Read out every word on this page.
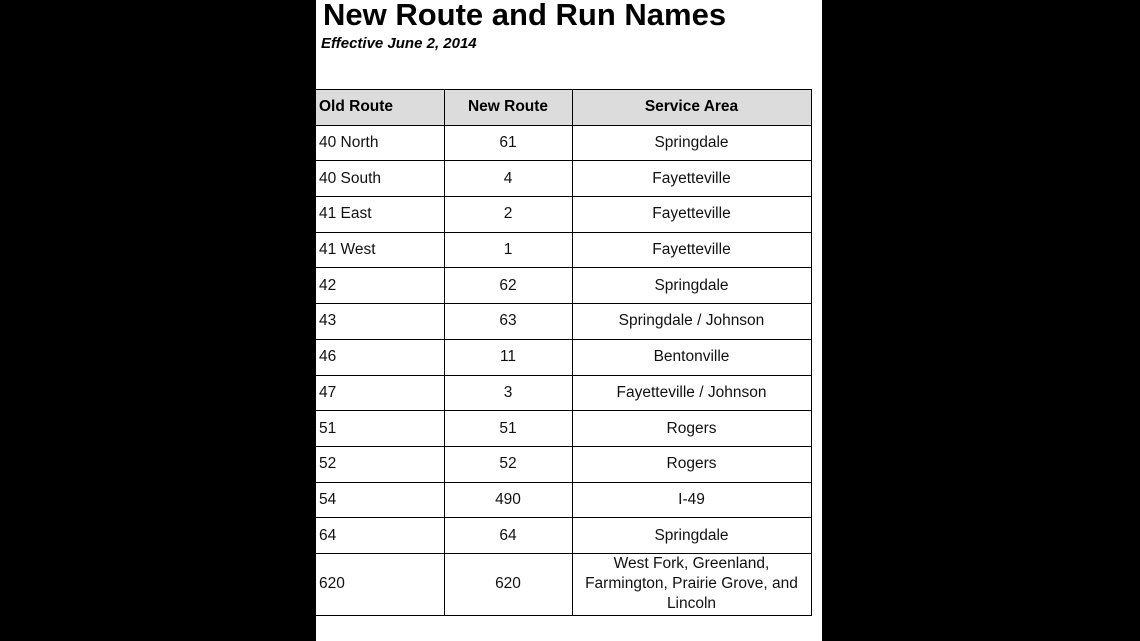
New Route and Run Names

Effective June 2, 2014

Old Route	New Route	Service Area
40 North	61	Springdale
40 South	4	Fayetteville
41 East	2	Fayetteville
41 West	1	Fayetteville
42	62	Springdale
43	63	Springdale / Johnson
46	11	Bentonville
47	3	Fayetteville / Johnson
51	51	Rogers
52	52	Rogers
54	490	I-49
64	64	Springdale
620	620	West Fork, Greenland, Farmington, Prairie Grove, and Lincoln
